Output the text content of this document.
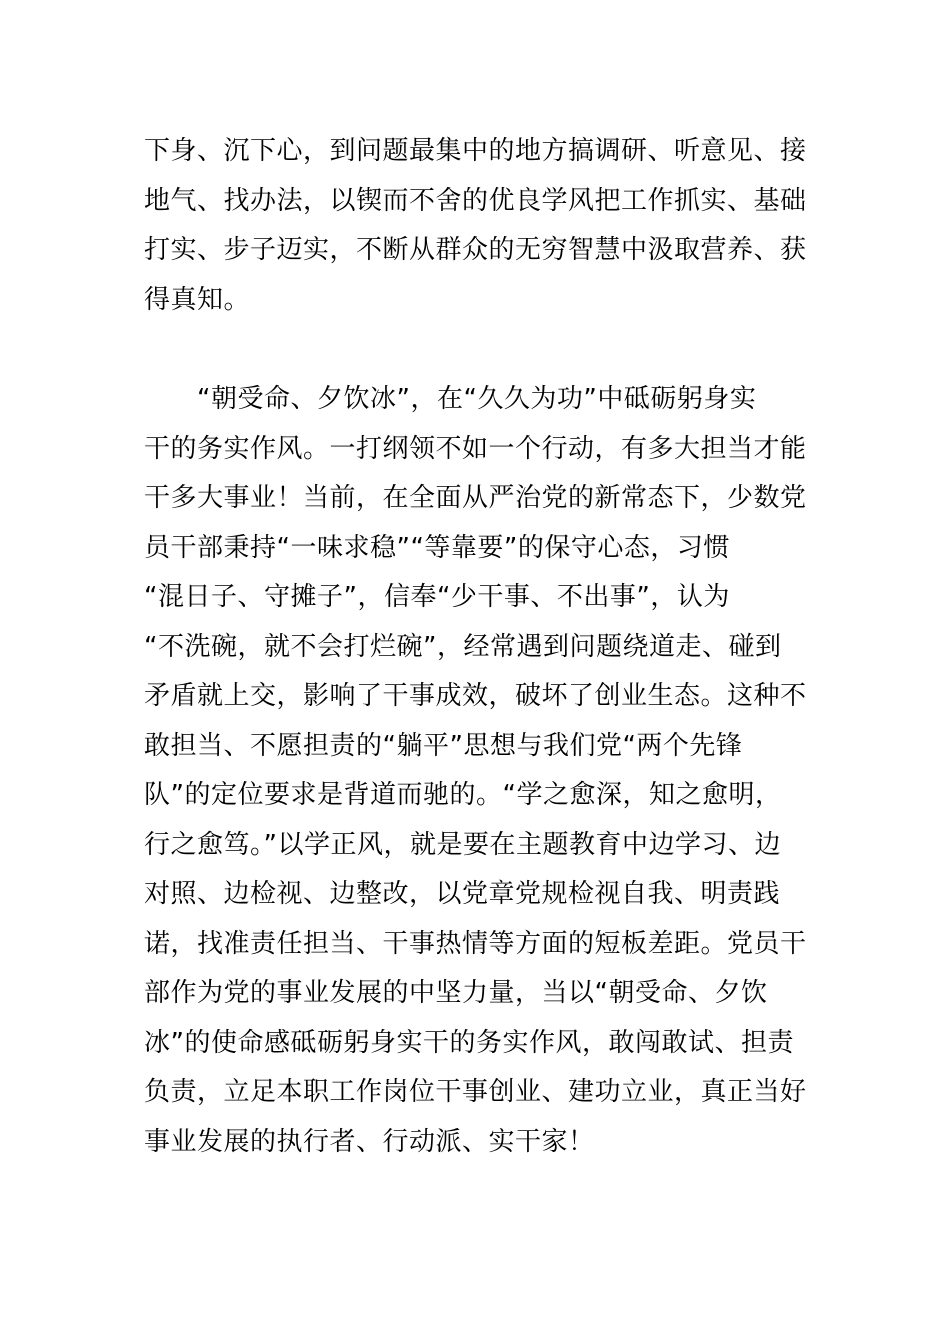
下身、沉下心，到问题最集中的地方搞调研、听意见、接
地气、找办法，以锲而不舍的优良学风把工作抓实、基础
打实、步子迈实，不断从群众的无穷智慧中汲取营养、获
得真知。
　　“朝受命、夕饮冰”，在“久久为功”中砥砺躬身实
干的务实作风。一打纲领不如一个行动，有多大担当才能
干多大事业！当前，在全面从严治党的新常态下，少数党
员干部秉持“一味求稳”“等靠要”的保守心态，习惯
“混日子、守摊子”，信奉“少干事、不出事”，认为
“不洗碗，就不会打烂碗”，经常遇到问题绕道走、碰到
矛盾就上交，影响了干事成效，破坏了创业生态。这种不
敢担当、不愿担责的“躺平”思想与我们党“两个先锋
队”的定位要求是背道而驰的。“学之愈深，知之愈明，
行之愈笃。”以学正风，就是要在主题教育中边学习、边
对照、边检视、边整改，以党章党规检视自我、明责践
诺，找准责任担当、干事热情等方面的短板差距。党员干
部作为党的事业发展的中坚力量，当以“朝受命、夕饮
冰”的使命感砥砺躬身实干的务实作风，敢闯敢试、担责
负责，立足本职工作岗位干事创业、建功立业，真正当好
事业发展的执行者、行动派、实干家！
